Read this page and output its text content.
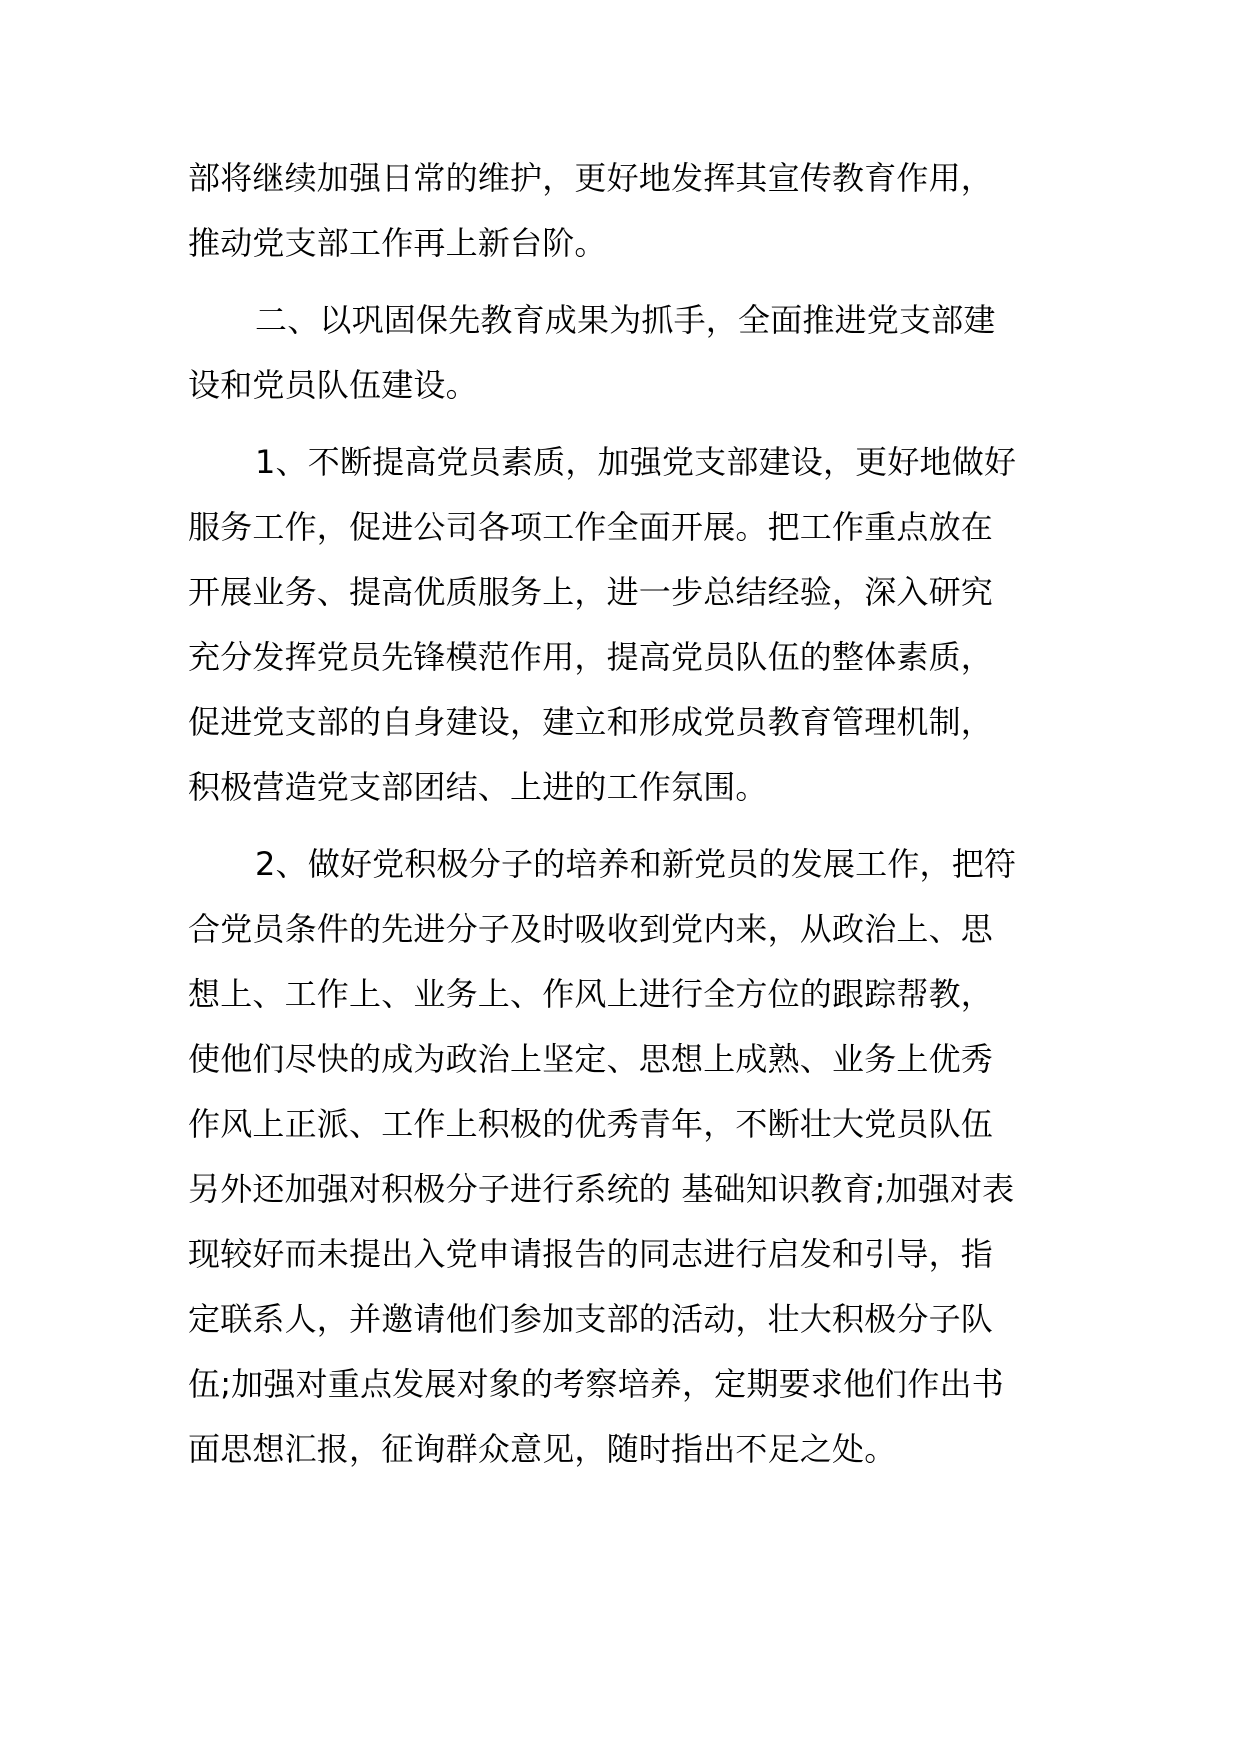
部将继续加强日常的维护，更好地发挥其宣传教育作用，
推动党支部工作再上新台阶。
二、以巩固保先教育成果为抓手，全面推进党支部建
设和党员队伍建设。
1、不断提高党员素质，加强党支部建设，更好地做好
服务工作，促进公司各项工作全面开展。把工作重点放在
开展业务、提高优质服务上，进一步总结经验，深入研究
充分发挥党员先锋模范作用，提高党员队伍的整体素质，
促进党支部的自身建设，建立和形成党员教育管理机制，
积极营造党支部团结、上进的工作氛围。
2、做好党积极分子的培养和新党员的发展工作，把符
合党员条件的先进分子及时吸收到党内来，从政治上、思
想上、工作上、业务上、作风上进行全方位的跟踪帮教，
使他们尽快的成为政治上坚定、思想上成熟、业务上优秀
作风上正派、工作上积极的优秀青年，不断壮大党员队伍
另外还加强对积极分子进行系统的 基础知识教育;加强对表
现较好而未提出入党申请报告的同志进行启发和引导，指
定联系人，并邀请他们参加支部的活动，壮大积极分子队
伍;加强对重点发展对象的考察培养，定期要求他们作出书
面思想汇报，征询群众意见，随时指出不足之处。
